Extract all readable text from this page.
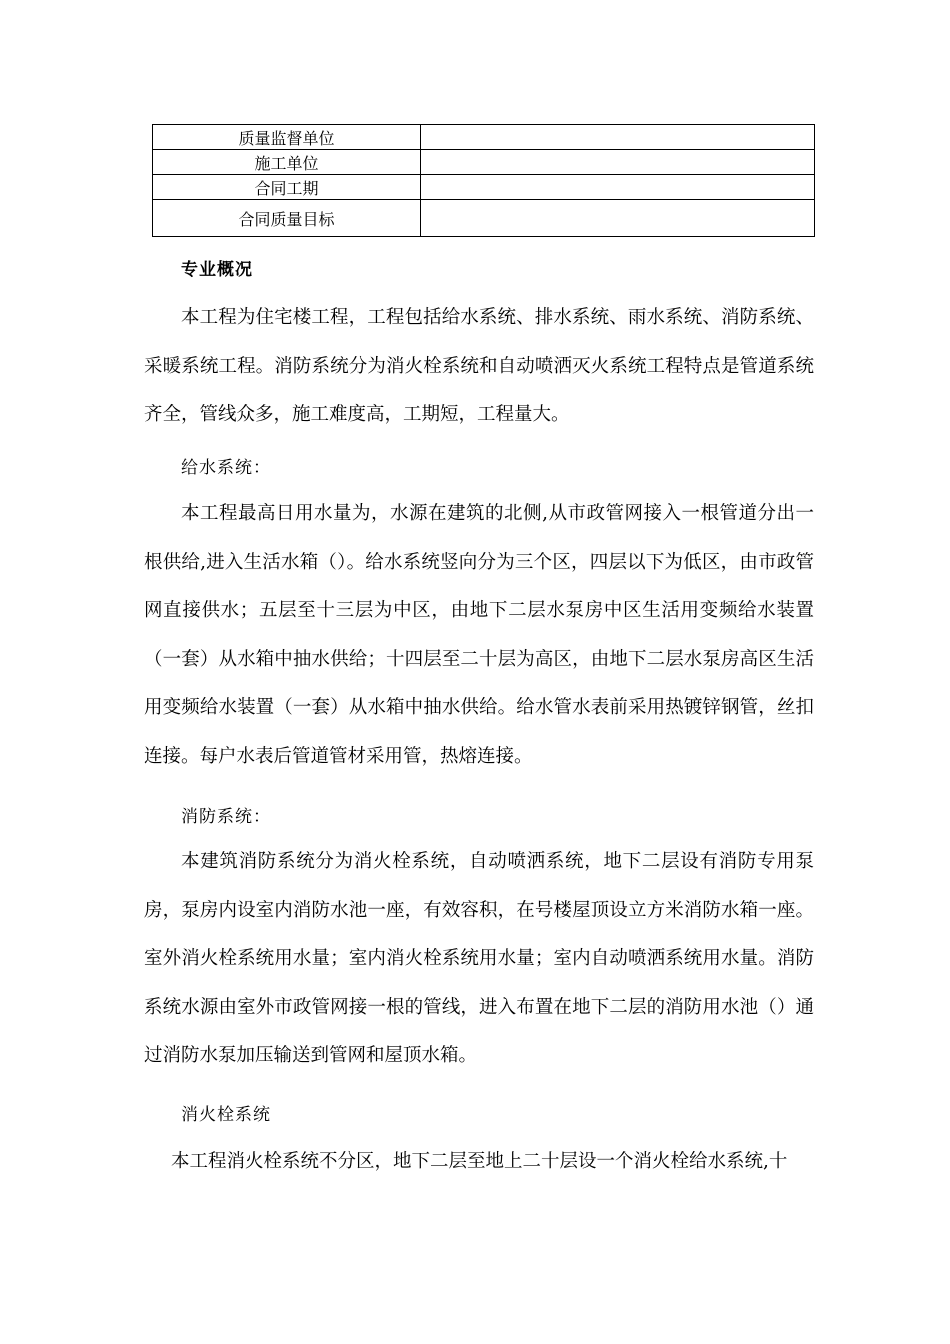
质量监督单位	
施工单位	
合同工期	
合同质量目标	
专业概况
本工程为住宅楼工程，工程包括给水系统、排水系统、雨水系统、消防系统、采暖系统工程。消防系统分为消火栓系统和自动喷洒灭火系统工程特点是管道系统齐全，管线众多，施工难度高，工期短，工程量大。
给水系统：
本工程最高日用水量为，水源在建筑的北侧,从市政管网接入一根管道分出一根供给,进入生活水箱（）。给水系统竖向分为三个区，四层以下为低区，由市政管网直接供水；五层至十三层为中区，由地下二层水泵房中区生活用变频给水装置（一套）从水箱中抽水供给；十四层至二十层为高区，由地下二层水泵房高区生活用变频给水装置（一套）从水箱中抽水供给。给水管水表前采用热镀锌钢管，丝扣连接。每户水表后管道管材采用管，热熔连接。
消防系统：
本建筑消防系统分为消火栓系统，自动喷洒系统，地下二层设有消防专用泵房，泵房内设室内消防水池一座，有效容积，在号楼屋顶设立方米消防水箱一座。室外消火栓系统用水量；室内消火栓系统用水量；室内自动喷洒系统用水量。消防系统水源由室外市政管网接一根的管线，进入布置在地下二层的消防用水池（）通过消防水泵加压输送到管网和屋顶水箱。
消火栓系统
本工程消火栓系统不分区，地下二层至地上二十层设一个消火栓给水系统,十
